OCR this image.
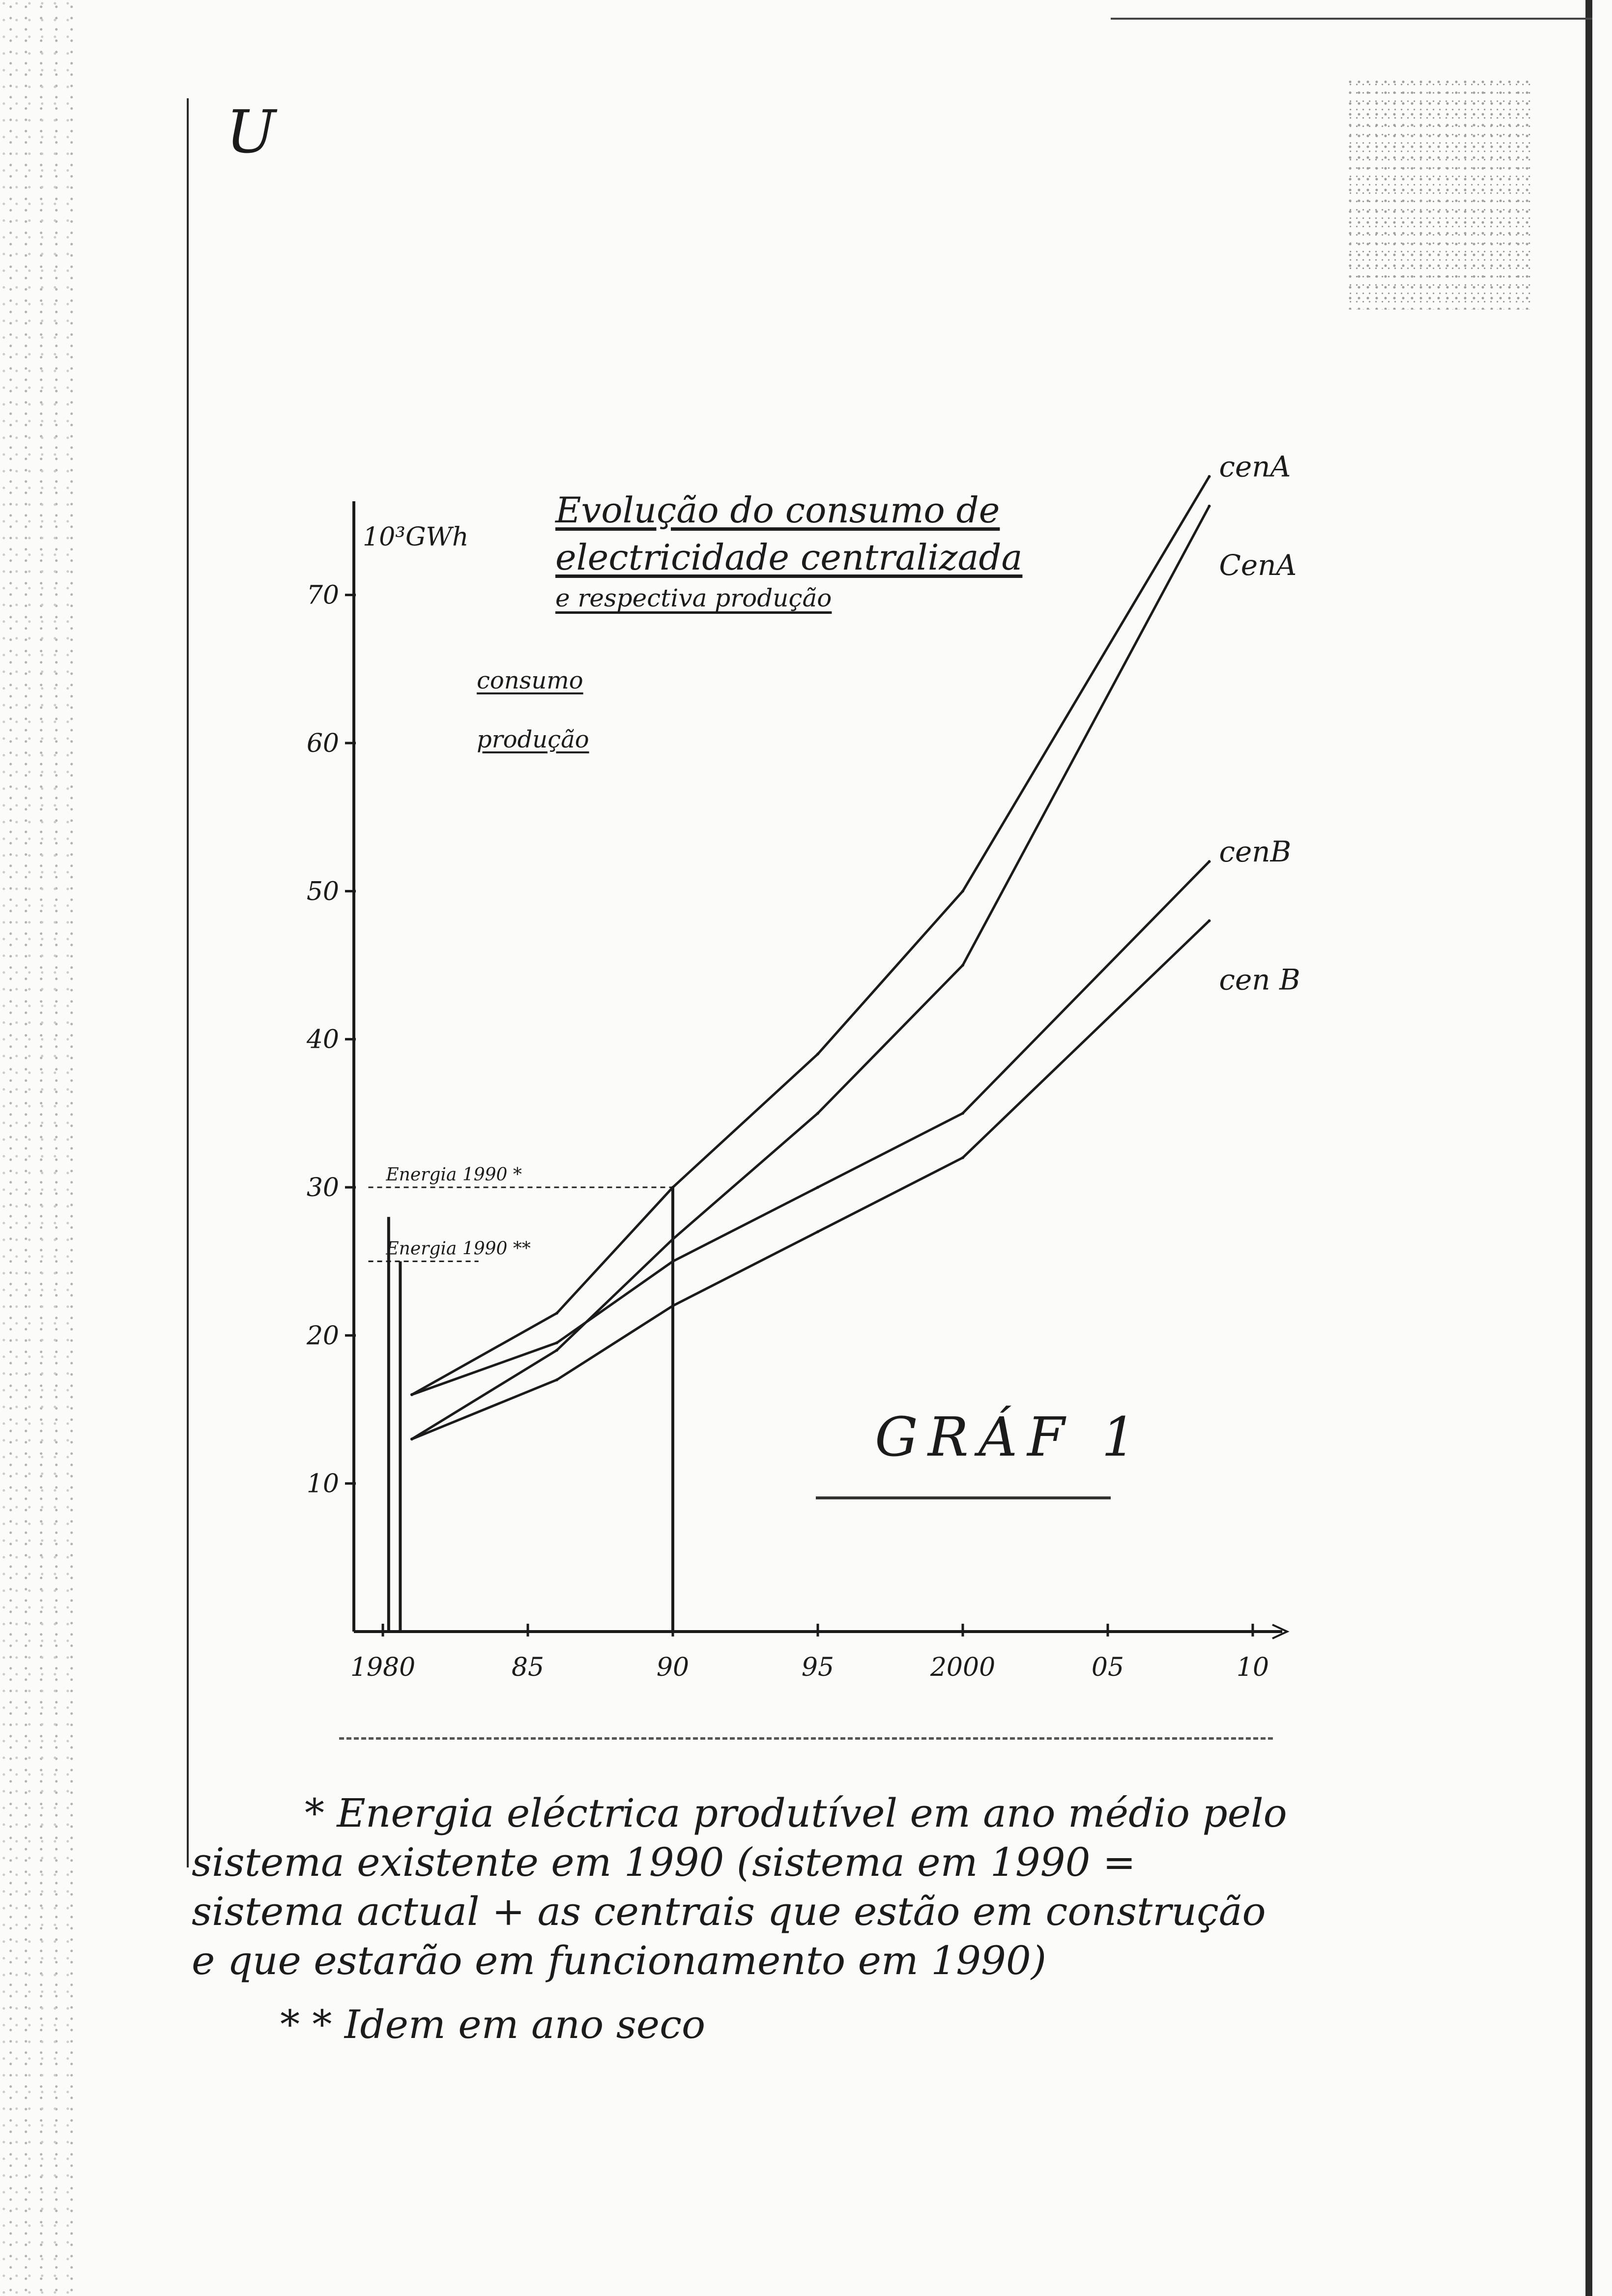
U
Evolução do consumo de
electricidade centralizada
e respectiva produção
consumo
produção
10
20
30
40
50
60
70
10³GWh
1980	85	90	95	2000	05	10
Energia 1990 *
Energia 1990 **
cenA
CenA
cenB
cen B
GRÁF 1
* Energia eléctrica produtível em ano médio pelo
sistema existente em 1990 (sistema em 1990 =
sistema actual + as centrais que estão em construção
e que estarão em funcionamento em 1990)
* * Idem em ano seco
